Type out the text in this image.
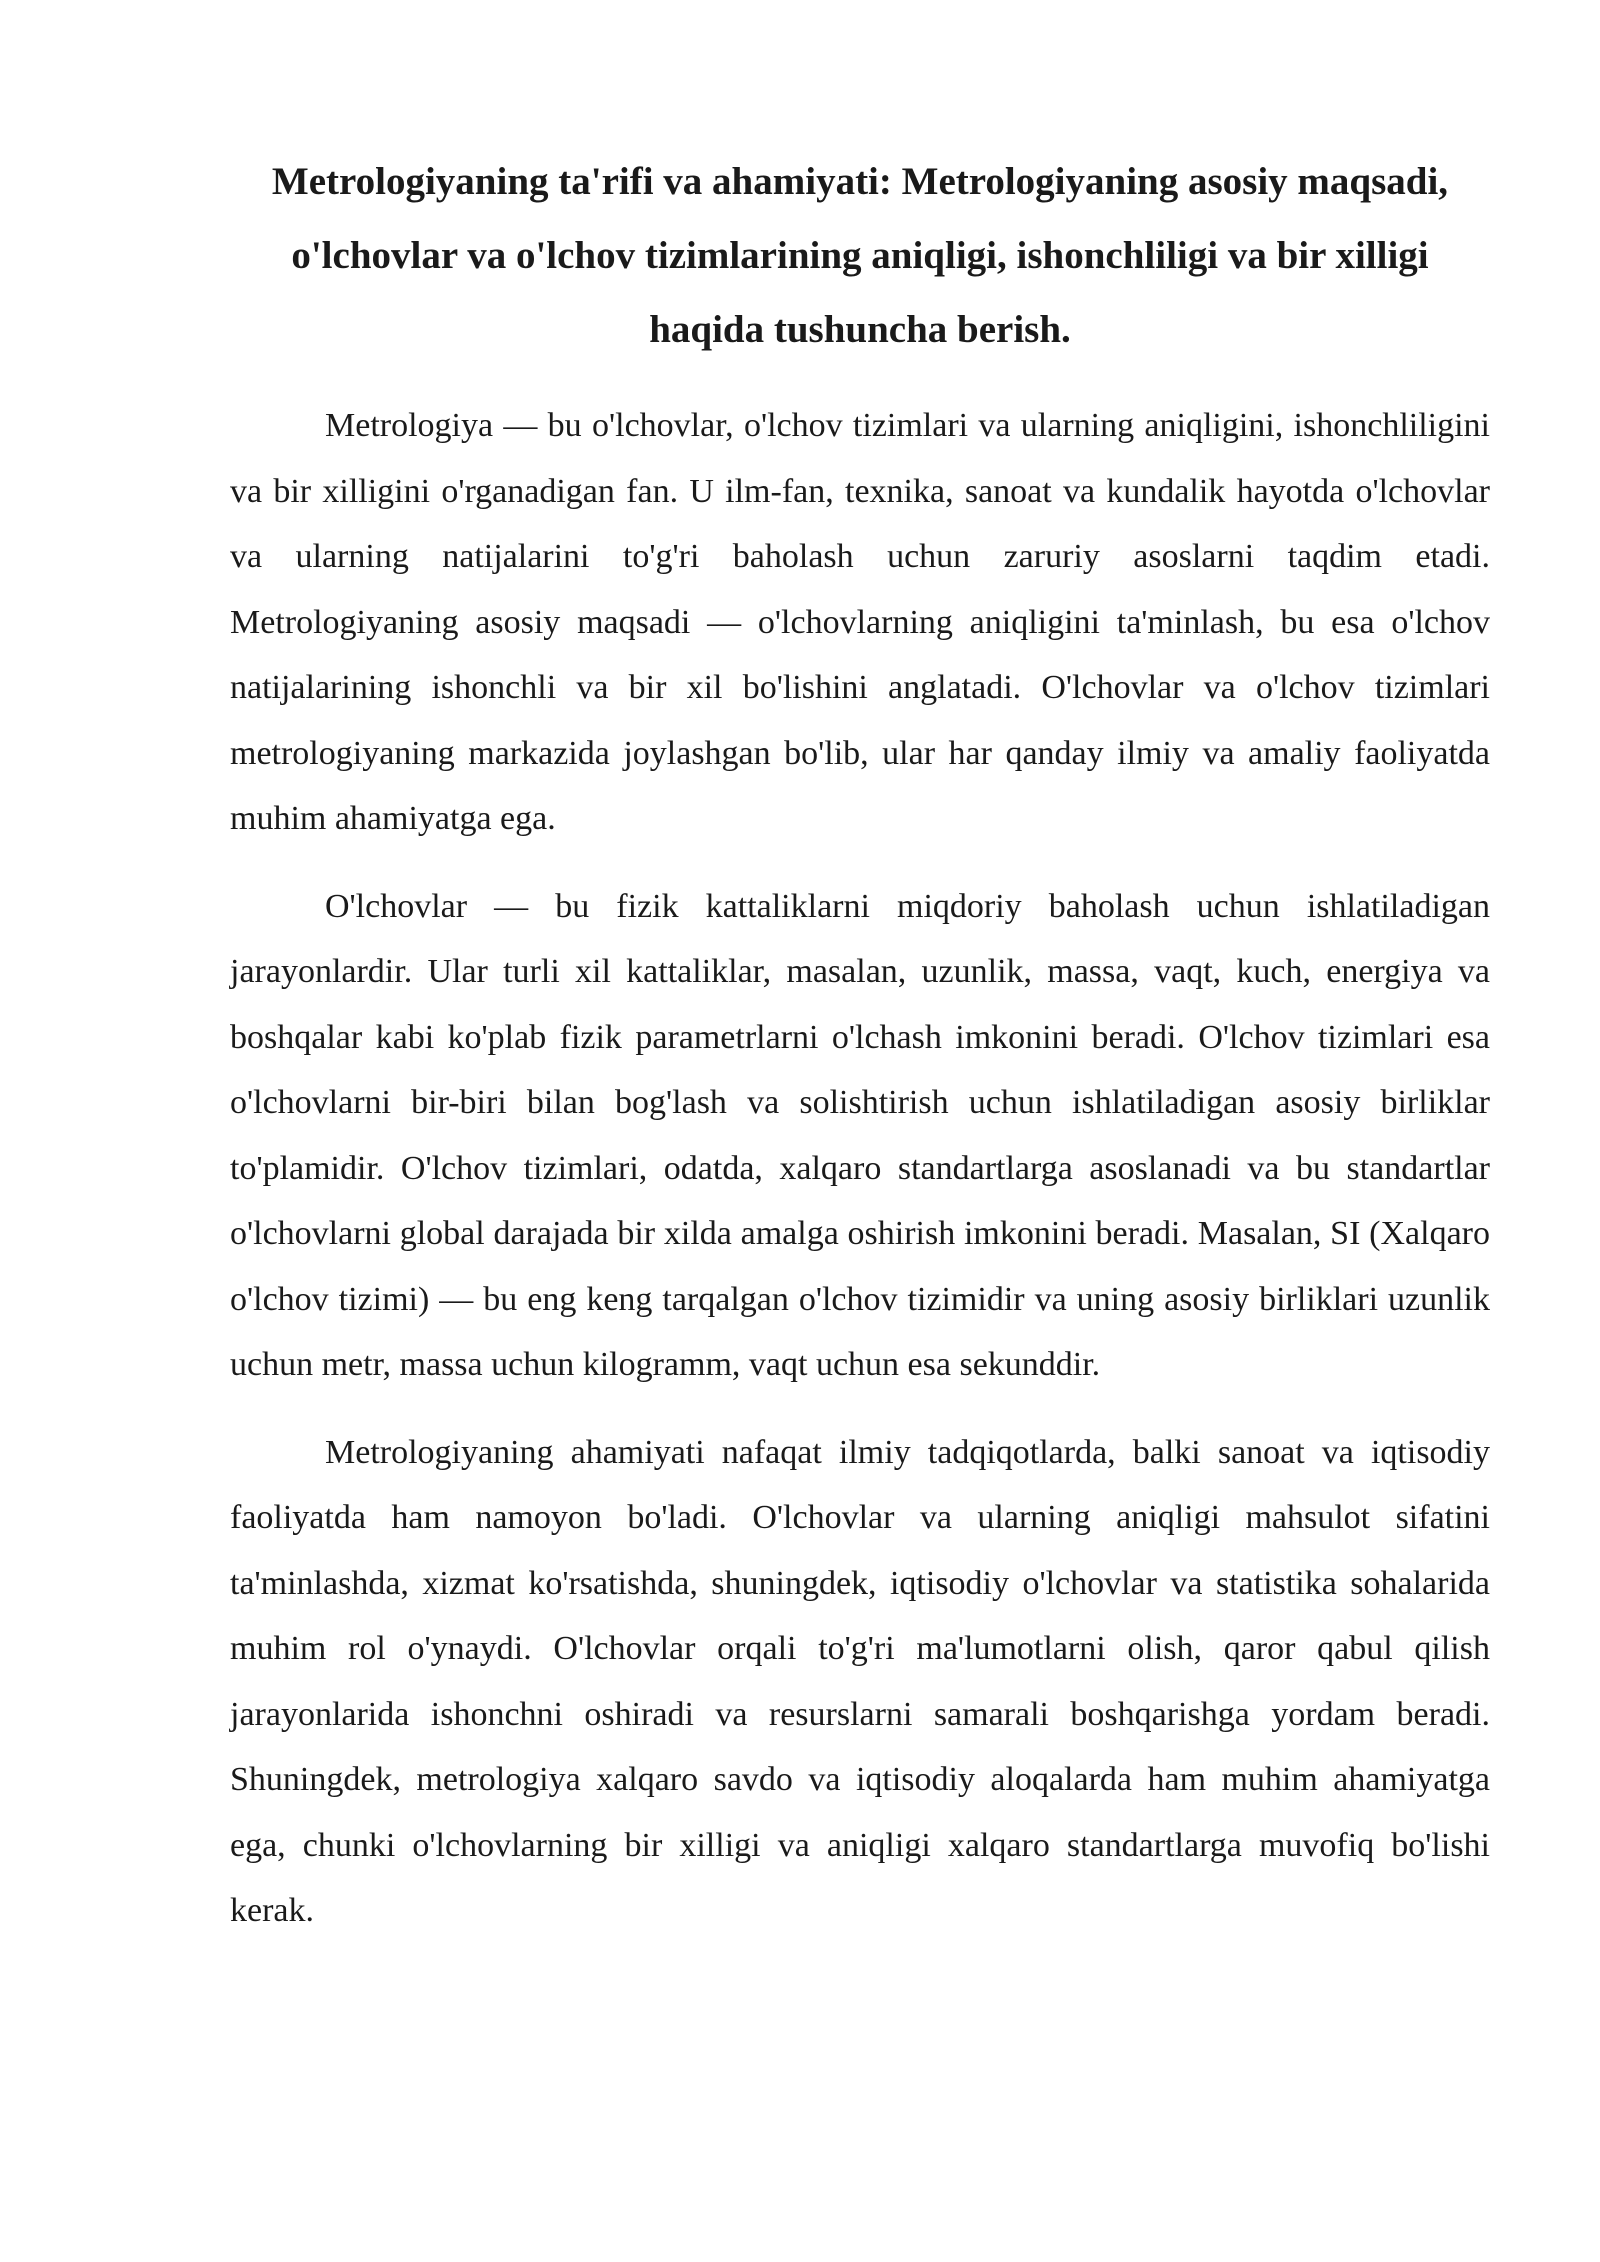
Metrologiyaning ta'rifi va ahamiyati: Metrologiyaning asosiy maqsadi, o'lchovlar va o'lchov tizimlarining aniqligi, ishonchliligi va bir xilligi haqida tushuncha berish.

Metrologiya — bu o'lchovlar, o'lchov tizimlari va ularning aniqligini, ishonchliligini va bir xilligini o'rganadigan fan. U ilm-fan, texnika, sanoat va kundalik hayotda o'lchovlar va ularning natijalarini to'g'ri baholash uchun zaruriy asoslarni taqdim etadi. Metrologiyaning asosiy maqsadi — o'lchovlarning aniqligini ta'minlash, bu esa o'lchov natijalarining ishonchli va bir xil bo'lishini anglatadi. O'lchovlar va o'lchov tizimlari metrologiyaning markazida joylashgan bo'lib, ular har qanday ilmiy va amaliy faoliyatda muhim ahamiyatga ega.

O'lchovlar — bu fizik kattaliklarni miqdoriy baholash uchun ishlatiladigan jarayonlardir. Ular turli xil kattaliklar, masalan, uzunlik, massa, vaqt, kuch, energiya va boshqalar kabi ko'plab fizik parametrlarni o'lchash imkonini beradi. O'lchov tizimlari esa o'lchovlarni bir-biri bilan bog'lash va solishtirish uchun ishlatiladigan asosiy birliklar to'plamidir. O'lchov tizimlari, odatda, xalqaro standartlarga asoslanadi va bu standartlar o'lchovlarni global darajada bir xilda amalga oshirish imkonini beradi. Masalan, SI (Xalqaro o'lchov tizimi) — bu eng keng tarqalgan o'lchov tizimidir va uning asosiy birliklari uzunlik uchun metr, massa uchun kilogramm, vaqt uchun esa sekunddir.

Metrologiyaning ahamiyati nafaqat ilmiy tadqiqotlarda, balki sanoat va iqtisodiy faoliyatda ham namoyon bo'ladi. O'lchovlar va ularning aniqligi mahsulot sifatini ta'minlashda, xizmat ko'rsatishda, shuningdek, iqtisodiy o'lchovlar va statistika sohalarida muhim rol o'ynaydi. O'lchovlar orqali to'g'ri ma'lumotlarni olish, qaror qabul qilish jarayonlarida ishonchni oshiradi va resurslarni samarali boshqarishga yordam beradi. Shuningdek, metrologiya xalqaro savdo va iqtisodiy aloqalarda ham muhim ahamiyatga ega, chunki o'lchovlarning bir xilligi va aniqligi xalqaro standartlarga muvofiq bo'lishi kerak.
